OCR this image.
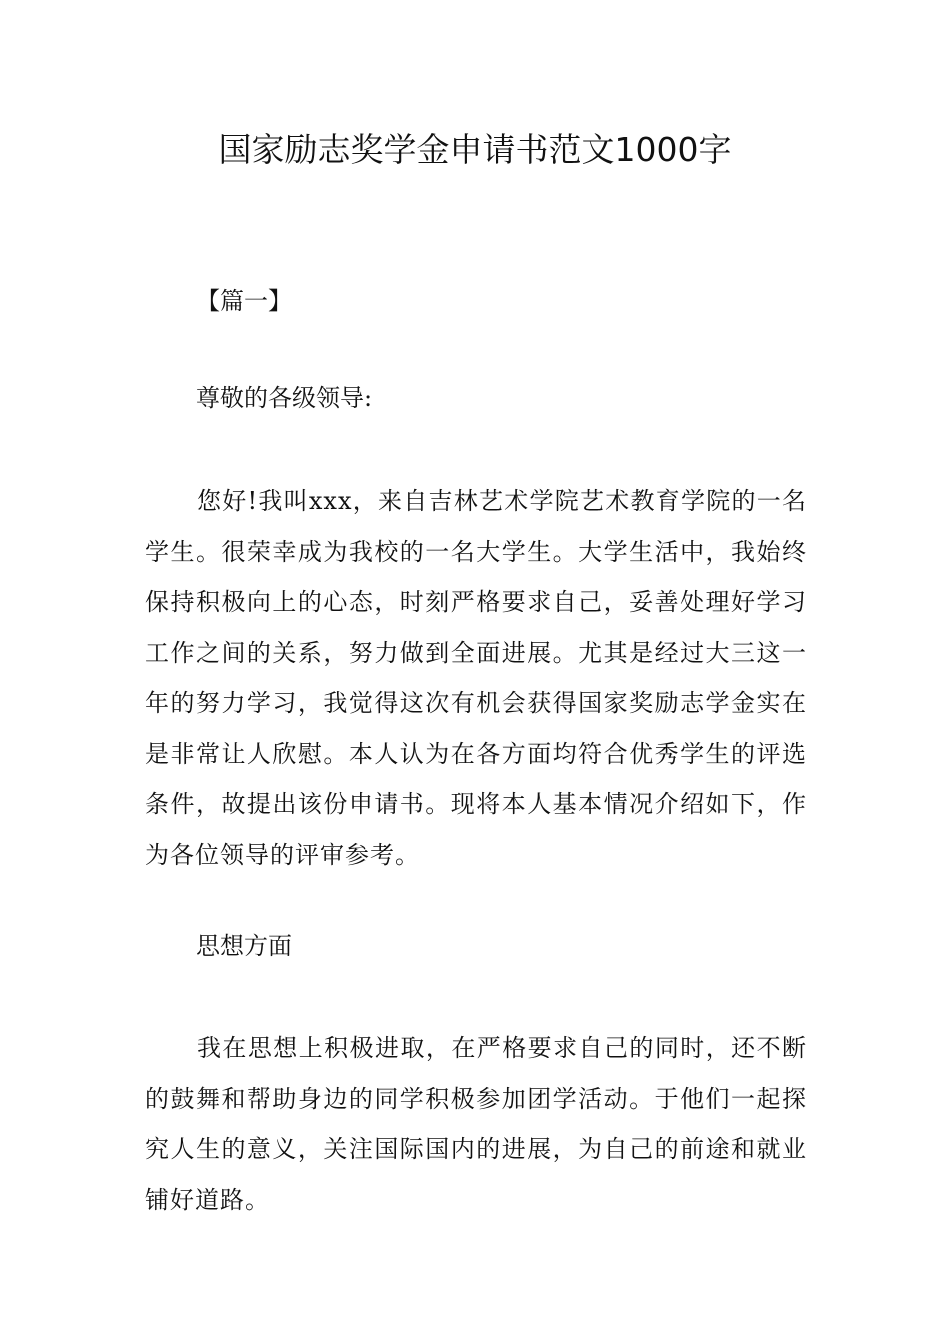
国家励志奖学金申请书范文1000字

【篇一】

尊敬的各级领导:

您好!我叫xxx，来自吉林艺术学院艺术教育学院的一名学生。很荣幸成为我校的一名大学生。大学生活中，我始终保持积极向上的心态，时刻严格要求自己，妥善处理好学习工作之间的关系，努力做到全面进展。尤其是经过大三这一年的努力学习，我觉得这次有机会获得国家奖励志学金实在是非常让人欣慰。本人认为在各方面均符合优秀学生的评选条件，故提出该份申请书。现将本人基本情况介绍如下，作为各位领导的评审参考。

思想方面

我在思想上积极进取，在严格要求自己的同时，还不断的鼓舞和帮助身边的同学积极参加团学活动。于他们一起探究人生的意义，关注国际国内的进展，为自己的前途和就业铺好道路。
